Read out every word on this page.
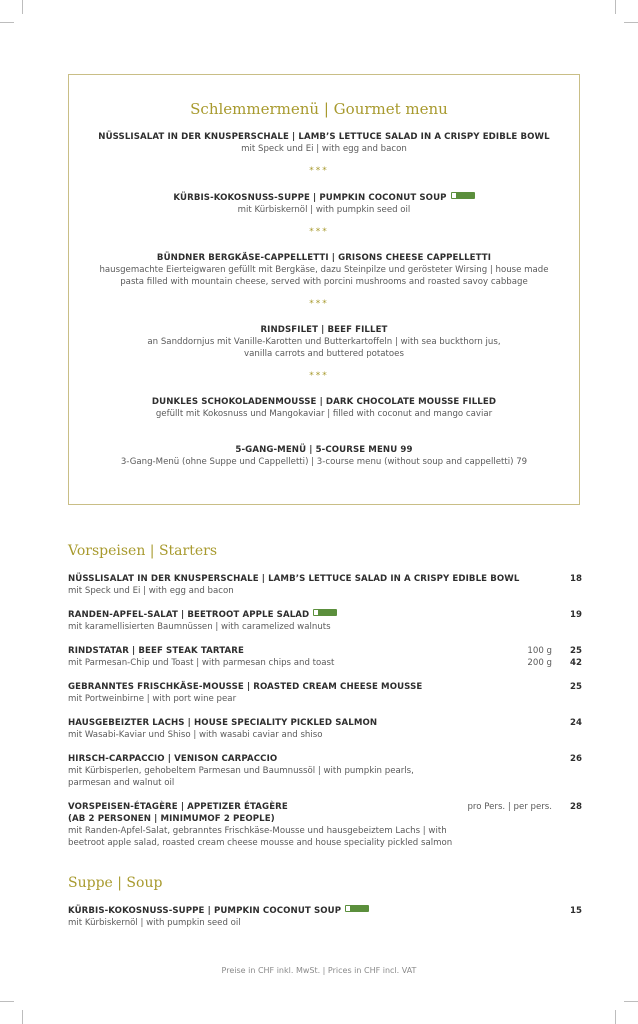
Schlemmermenü | Gourmet menu
NÜSSLISALAT IN DER KNUSPERSCHALE | LAMB’S LETTUCE SALAD IN A CRISPY EDIBLE BOWL
mit Speck und Ei | with egg and bacon
***
KÜRBIS-KOKOSNUSS-SUPPE | PUMPKIN COCONUT SOUP
mit Kürbiskernöl | with pumpkin seed oil
***
BÜNDNER BERGKÄSE-CAPPELLETTI | GRISONS CHEESE CAPPELLETTI
hausgemachte Eierteigwaren gefüllt mit Bergkäse, dazu Steinpilze und gerösteter Wirsing | house made
pasta filled with mountain cheese, served with porcini mushrooms and roasted savoy cabbage
***
RINDSFILET | BEEF FILLET
an Sanddornjus mit Vanille-Karotten und Butterkartoffeln | with sea buckthorn jus,
vanilla carrots and buttered potatoes
***
DUNKLES SCHOKOLADENMOUSSE | DARK CHOCOLATE MOUSSE FILLED
gefüllt mit Kokosnuss und Mangokaviar | filled with coconut and mango caviar
5-GANG-MENÜ | 5-COURSE MENU 99
3-Gang-Menü (ohne Suppe und Cappelletti) | 3-course menu (without soup and cappelletti) 79
Vorspeisen | Starters
NÜSSLISALAT IN DER KNUSPERSCHALE | LAMB’S LETTUCE SALAD IN A CRISPY EDIBLE BOWL
mit Speck und Ei | with egg and bacon
18
RANDEN-APFEL-SALAT | BEETROOT APPLE SALAD
mit karamellisierten Baumnüssen | with caramelized walnuts
19
RINDSTATAR | BEEF STEAK TARTARE
mit Parmesan-Chip und Toast | with parmesan chips and toast
100 g
200 g
25
42
GEBRANNTES FRISCHKÄSE-MOUSSE | ROASTED CREAM CHEESE MOUSSE
mit Portweinbirne | with port wine pear
25
HAUSGEBEIZTER LACHS | HOUSE SPECIALITY PICKLED SALMON
mit Wasabi-Kaviar und Shiso | with wasabi caviar and shiso
24
HIRSCH-CARPACCIO | VENISON CARPACCIO
mit Kürbisperlen, gehobeltem Parmesan und Baumnussöl | with pumpkin pearls,
parmesan and walnut oil
26
VORSPEISEN-ÉTAGÈRE | APPETIZER ÉTAGÈRE
(AB 2 PERSONEN | MINIMUMOF 2 PEOPLE)
mit Randen-Apfel-Salat, gebranntes Frischkäse-Mousse und hausgebeiztem Lachs | with
beetroot apple salad, roasted cream cheese mousse and house speciality pickled salmon
pro Pers. | per pers. 28
Suppe | Soup
KÜRBIS-KOKOSNUSS-SUPPE | PUMPKIN COCONUT SOUP
mit Kürbiskernöl | with pumpkin seed oil
15
Preise in CHF inkl. MwSt. | Prices in CHF incl. VAT
